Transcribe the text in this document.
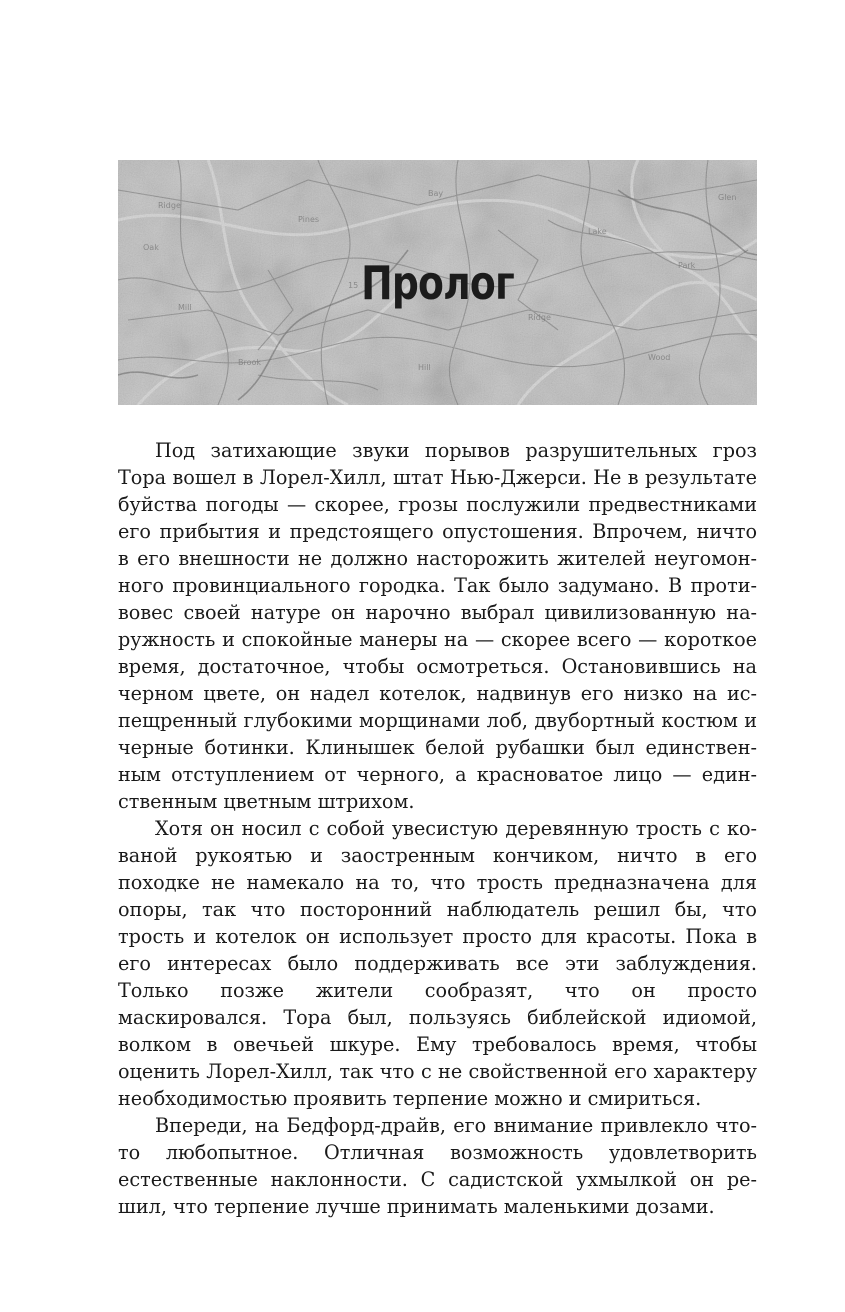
Пролог

Под затихающие звуки порывов разрушительных гроз Тора вошел в Лорел-Хилл, штат Нью-Джерси. Не в результате буйства погоды — скорее, грозы послужили предвестниками его прибытия и предстоящего опустошения. Впрочем, ничто в его внешности не должно насторожить жителей неугомонного провинциального городка. Так было задумано. В противовес своей натуре он нарочно выбрал цивилизованную наружность и спокойные манеры на — скорее всего — короткое время, достаточное, чтобы осмотреться. Остановившись на черном цвете, он надел котелок, надвинув его низко на испещренный глубокими морщинами лоб, двубортный костюм и черные ботинки. Клинышек белой рубашки был единственным отступлением от черного, а красноватое лицо — единственным цветным штрихом.

Хотя он носил с собой увесистую деревянную трость с кованой рукоятью и заостренным кончиком, ничто в его походке не намекало на то, что трость предназначена для опоры, так что посторонний наблюдатель решил бы, что трость и котелок он использует просто для красоты. Пока в его интересах было поддерживать все эти заблуждения. Только позже жители сообразят, что он просто маскировался. Тора был, пользуясь библейской идиомой, волком в овечьей шкуре. Ему требовалось время, чтобы оценить Лорел-Хилл, так что с не свойственной его характеру необходимостью проявить терпение можно и смириться.

Впереди, на Бедфорд-драйв, его внимание привлекло что-то любопытное. Отличная возможность удовлетворить естественные наклонности. С садистской ухмылкой он решил, что терпение лучше принимать маленькими дозами.
